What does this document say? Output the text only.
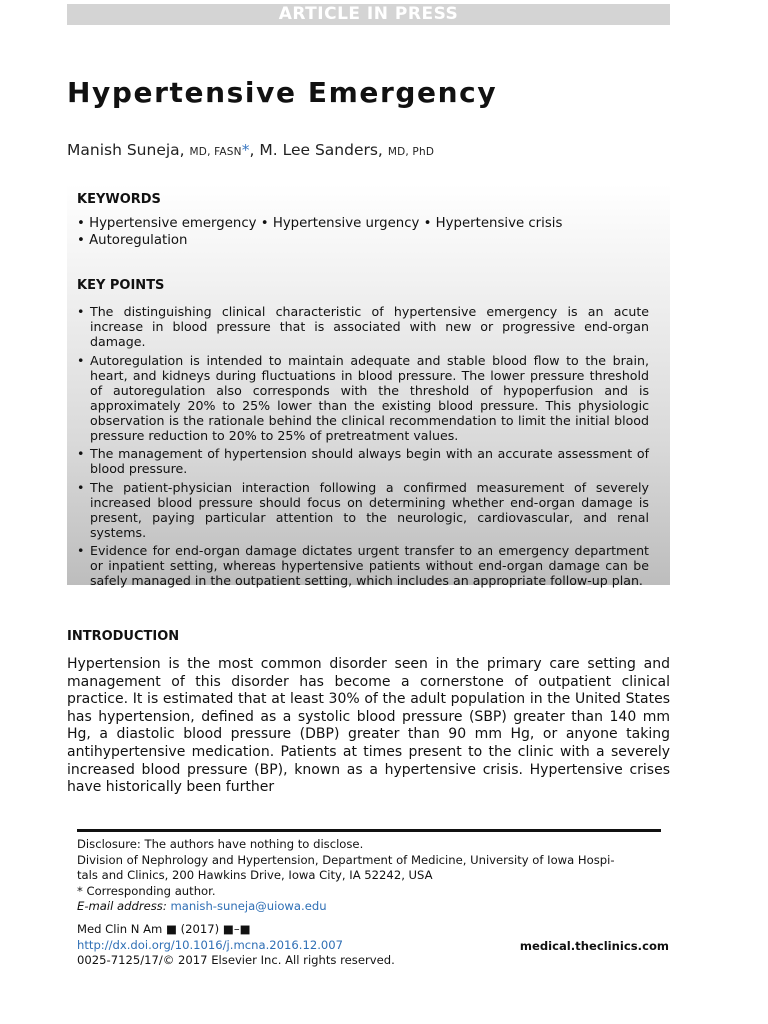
ARTICLE IN PRESS
Hypertensive Emergency
Manish Suneja, MD, FASN*, M. Lee Sanders, MD, PhD
KEYWORDS
• Hypertensive emergency • Hypertensive urgency • Hypertensive crisis
• Autoregulation
KEY POINTS
• The distinguishing clinical characteristic of hypertensive emergency is an acute increase in blood pressure that is associated with new or progressive end-organ damage.
• Autoregulation is intended to maintain adequate and stable blood flow to the brain, heart, and kidneys during fluctuations in blood pressure. The lower pressure threshold of autoregulation also corresponds with the threshold of hypoperfusion and is approximately 20% to 25% lower than the existing blood pressure. This physiologic observation is the rationale behind the clinical recommendation to limit the initial blood pressure reduction to 20% to 25% of pretreatment values.
• The management of hypertension should always begin with an accurate assessment of blood pressure.
• The patient-physician interaction following a confirmed measurement of severely increased blood pressure should focus on determining whether end-organ damage is present, paying particular attention to the neurologic, cardiovascular, and renal systems.
• Evidence for end-organ damage dictates urgent transfer to an emergency department or inpatient setting, whereas hypertensive patients without end-organ damage can be safely managed in the outpatient setting, which includes an appropriate follow-up plan.
INTRODUCTION

Hypertension is the most common disorder seen in the primary care setting and management of this disorder has become a cornerstone of outpatient clinical practice. It is estimated that at least 30% of the adult population in the United States has hypertension, defined as a systolic blood pressure (SBP) greater than 140 mm Hg, a diastolic blood pressure (DBP) greater than 90 mm Hg, or anyone taking antihypertensive medication. Patients at times present to the clinic with a severely increased blood pressure (BP), known as a hypertensive crisis. Hypertensive crises have historically been further

Disclosure: The authors have nothing to disclose.
Division of Nephrology and Hypertension, Department of Medicine, University of Iowa Hospi-
tals and Clinics, 200 Hawkins Drive, Iowa City, IA 52242, USA
* Corresponding author.
E-mail address: manish-suneja@uiowa.edu
Med Clin N Am ■ (2017) ■–■
http://dx.doi.org/10.1016/j.mcna.2016.12.007
0025-7125/17/© 2017 Elsevier Inc. All rights reserved.
medical.theclinics.com
